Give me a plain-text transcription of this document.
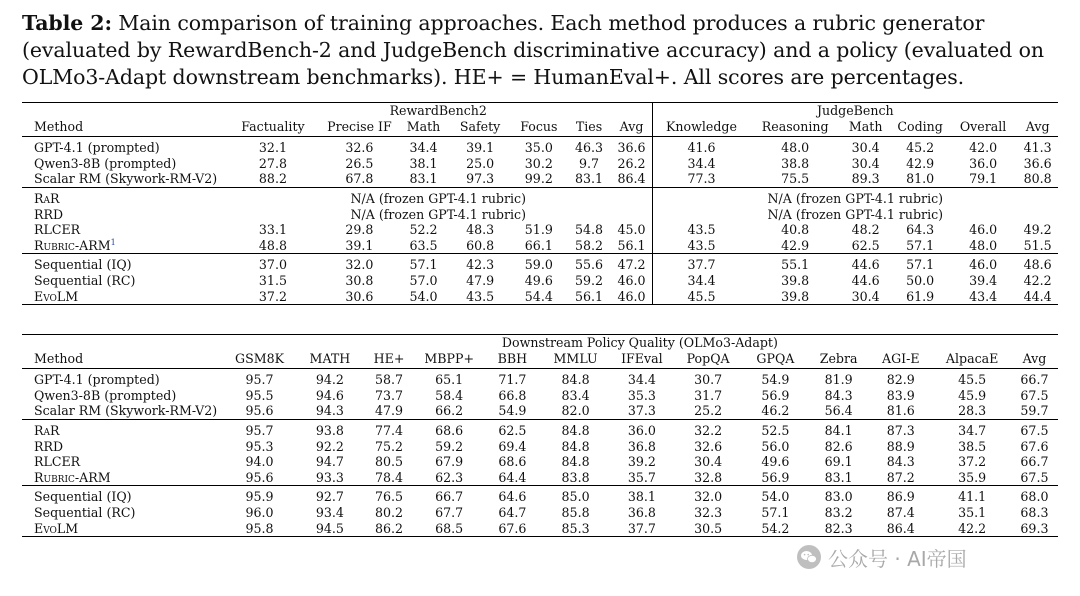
Table 2: Main comparison of training approaches. Each method produces a rubric generator (evaluated by RewardBench-2 and JudgeBench discriminative accuracy) and a policy (evaluated on OLMo3-Adapt downstream benchmarks). HE+ = HumanEval+. All scores are percentages.
	RewardBench2							JudgeBench					
Method	Factuality	Precise IF	Math	Safety	Focus	Ties	Avg	Knowledge	Reasoning	Math	Coding	Overall	Avg
GPT-4.1 (prompted)	32.1	32.6	34.4	39.1	35.0	46.3	36.6	41.6	48.0	30.4	45.2	42.0	41.3
Qwen3-8B (prompted)	27.8	26.5	38.1	25.0	30.2	9.7	26.2	34.4	38.8	30.4	42.9	36.0	36.6
Scalar RM (Skywork-RM-V2)	88.2	67.8	83.1	97.3	99.2	83.1	86.4	77.3	75.5	89.3	81.0	79.1	80.8
RaR	N/A (frozen GPT-4.1 rubric)							N/A (frozen GPT-4.1 rubric)					
RRD	N/A (frozen GPT-4.1 rubric)							N/A (frozen GPT-4.1 rubric)					
RLCER	33.1	29.8	52.2	48.3	51.9	54.8	45.0	43.5	40.8	48.2	64.3	46.0	49.2
Rubric-ARM$^1$	48.8	39.1	63.5	60.8	66.1	58.2	56.1	43.5	42.9	62.5	57.1	48.0	51.5
Sequential (IQ)	37.0	32.0	57.1	42.3	59.0	55.6	47.2	37.7	55.1	44.6	57.1	46.0	48.6
Sequential (RC)	31.5	30.8	57.0	47.9	49.6	59.2	46.0	34.4	39.8	44.6	50.0	39.4	42.2
EvoLM	37.2	30.6	54.0	43.5	54.4	56.1	46.0	45.5	39.8	30.4	61.9	43.4	44.4
	Downstream Policy Quality (OLMo3-Adapt)												
Method	GSM8K	MATH	HE+	MBPP+	BBH	MMLU	IFEval	PopQA	GPQA	Zebra	AGI-E	AlpacaE	Avg
GPT-4.1 (prompted)	95.7	94.2	58.7	65.1	71.7	84.8	34.4	30.7	54.9	81.9	82.9	45.5	66.7
Qwen3-8B (prompted)	95.5	94.6	73.7	58.4	66.8	83.4	35.3	31.7	56.9	84.3	83.9	45.9	67.5
Scalar RM (Skywork-RM-V2)	95.6	94.3	47.9	66.2	54.9	82.0	37.3	25.2	46.2	56.4	81.6	28.3	59.7
RaR	95.7	93.8	77.4	68.6	62.5	84.8	36.0	32.2	52.5	84.1	87.3	34.7	67.5
RRD	95.3	92.2	75.2	59.2	69.4	84.8	36.8	32.6	56.0	82.6	88.9	38.5	67.6
RLCER	94.0	94.7	80.5	67.9	68.6	84.8	39.2	30.4	49.6	69.1	84.3	37.2	66.7
Rubric-ARM	95.6	93.3	78.4	62.3	64.4	83.8	35.7	32.8	56.9	83.1	87.2	35.9	67.5
Sequential (IQ)	95.9	92.7	76.5	66.7	64.6	85.0	38.1	32.0	54.0	83.0	86.9	41.1	68.0
Sequential (RC)	96.0	93.4	80.2	67.7	64.7	85.8	36.8	32.3	57.1	83.2	87.4	35.1	68.3
EvoLM	95.8	94.5	86.2	68.5	67.6	85.3	37.7	30.5	54.2	82.3	86.4	42.2	69.3
公众号 · AI帝国
